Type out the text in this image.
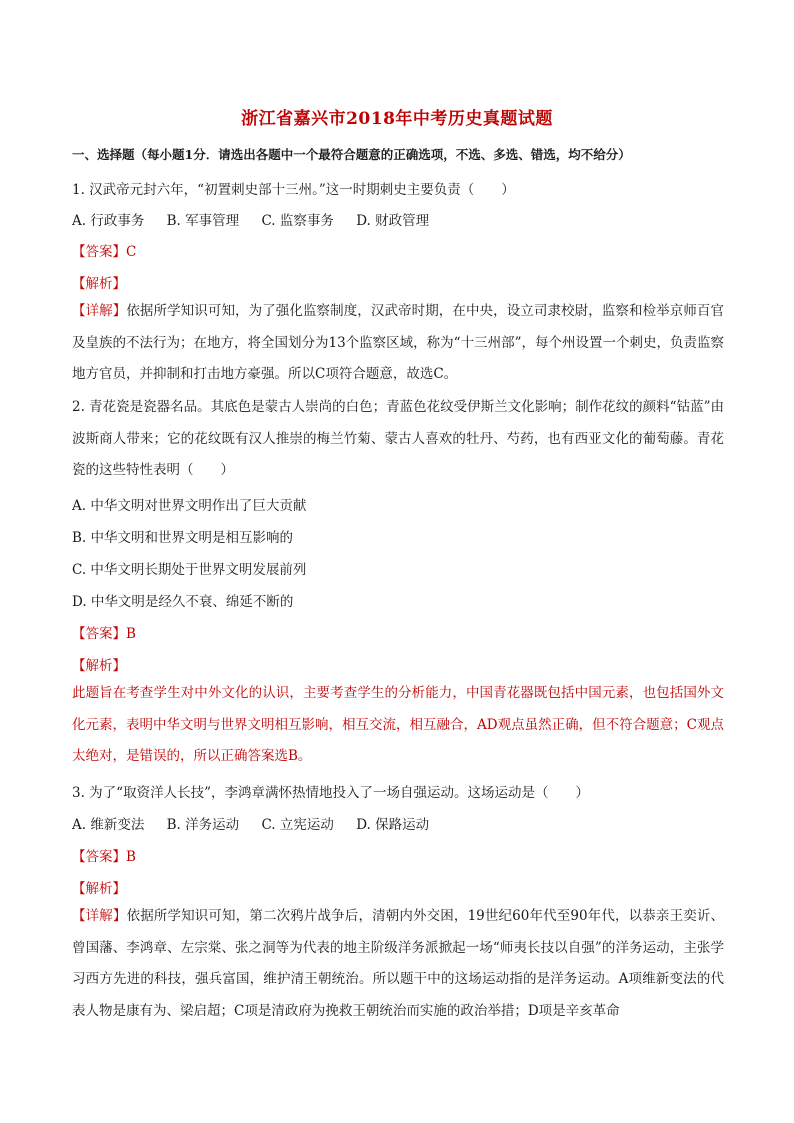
浙江省嘉兴市2018年中考历史真题试题
一、选择题（每小题1分．请选出各题中一个最符合题意的正确选项，不选、多选、错选，均不给分）
1. 汉武帝元封六年，“初置刺史部十三州。”这一时期刺史主要负责（　　）
A. 行政事务 B. 军事管理 C. 监察事务 D. 财政管理
【答案】C
【解析】
【详解】依据所学知识可知，为了强化监察制度，汉武帝时期，在中央，设立司隶校尉，监察和检举京师百官及皇族的不法行为；在地方，将全国划分为13个监察区域，称为“十三州部”，每个州设置一个刺史，负责监察地方官员，并抑制和打击地方豪强。所以C项符合题意，故选C。
2. 青花瓷是瓷器名品。其底色是蒙古人崇尚的白色；青蓝色花纹受伊斯兰文化影响；制作花纹的颜料“钴蓝”由波斯商人带来；它的花纹既有汉人推崇的梅兰竹菊、蒙古人喜欢的牡丹、芍药，也有西亚文化的葡萄藤。青花瓷的这些特性表明（　　）
A. 中华文明对世界文明作出了巨大贡献
B. 中华文明和世界文明是相互影响的
C. 中华文明长期处于世界文明发展前列
D. 中华文明是经久不衰、绵延不断的
【答案】B
【解析】
此题旨在考查学生对中外文化的认识，主要考查学生的分析能力，中国青花器既包括中国元素，也包括国外文化元素，表明中华文明与世界文明相互影响，相互交流，相互融合，AD观点虽然正确，但不符合题意；C观点太绝对，是错误的，所以正确答案选B。
3. 为了“取资洋人长技”，李鸿章满怀热情地投入了一场自强运动。这场运动是（　　）
A. 维新变法 B. 洋务运动 C. 立宪运动 D. 保路运动
【答案】B
【解析】
【详解】依据所学知识可知，第二次鸦片战争后，清朝内外交困，19世纪60年代至90年代，以恭亲王奕䜣、曾国藩、李鸿章、左宗棠、张之洞等为代表的地主阶级洋务派掀起一场“师夷长技以自强”的洋务运动，主张学习西方先进的科技，强兵富国，维护清王朝统治。所以题干中的这场运动指的是洋务运动。A项维新变法的代表人物是康有为、梁启超；C项是清政府为挽救王朝统治而实施的政治举措；D项是辛亥革命
